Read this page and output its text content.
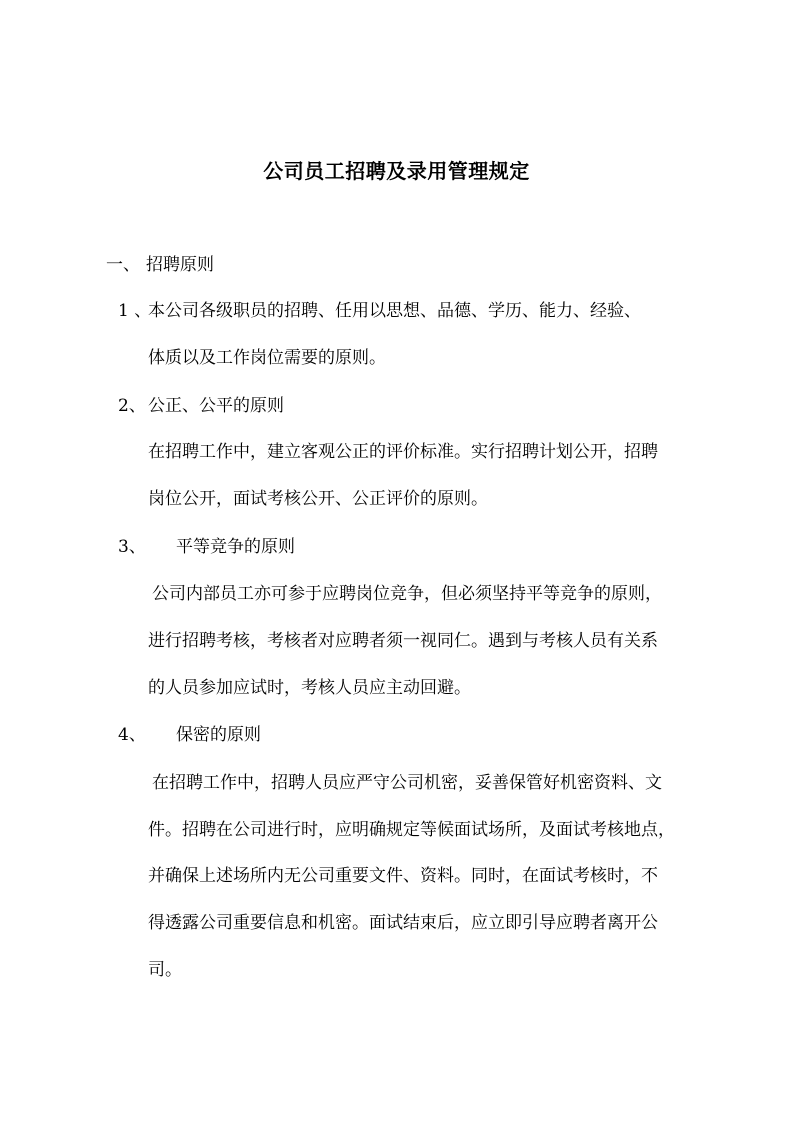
公司员工招聘及录用管理规定
一、 招聘原则
1 、本公司各级职员的招聘、任用以思想、品德、学历、能力、经验、
体质以及工作岗位需要的原则。
2、 公正、公平的原则
在招聘工作中，建立客观公正的评价标准。实行招聘计划公开，招聘
岗位公开，面试考核公开、公正评价的原则。
3、 平等竞争的原则
公司内部员工亦可参于应聘岗位竞争，但必须坚持平等竞争的原则，
进行招聘考核，考核者对应聘者须一视同仁。遇到与考核人员有关系
的人员参加应试时，考核人员应主动回避。
4、 保密的原则
在招聘工作中，招聘人员应严守公司机密，妥善保管好机密资料、文
件。招聘在公司进行时，应明确规定等候面试场所，及面试考核地点，
并确保上述场所内无公司重要文件、资料。同时，在面试考核时，不
得透露公司重要信息和机密。面试结束后，应立即引导应聘者离开公
司。
